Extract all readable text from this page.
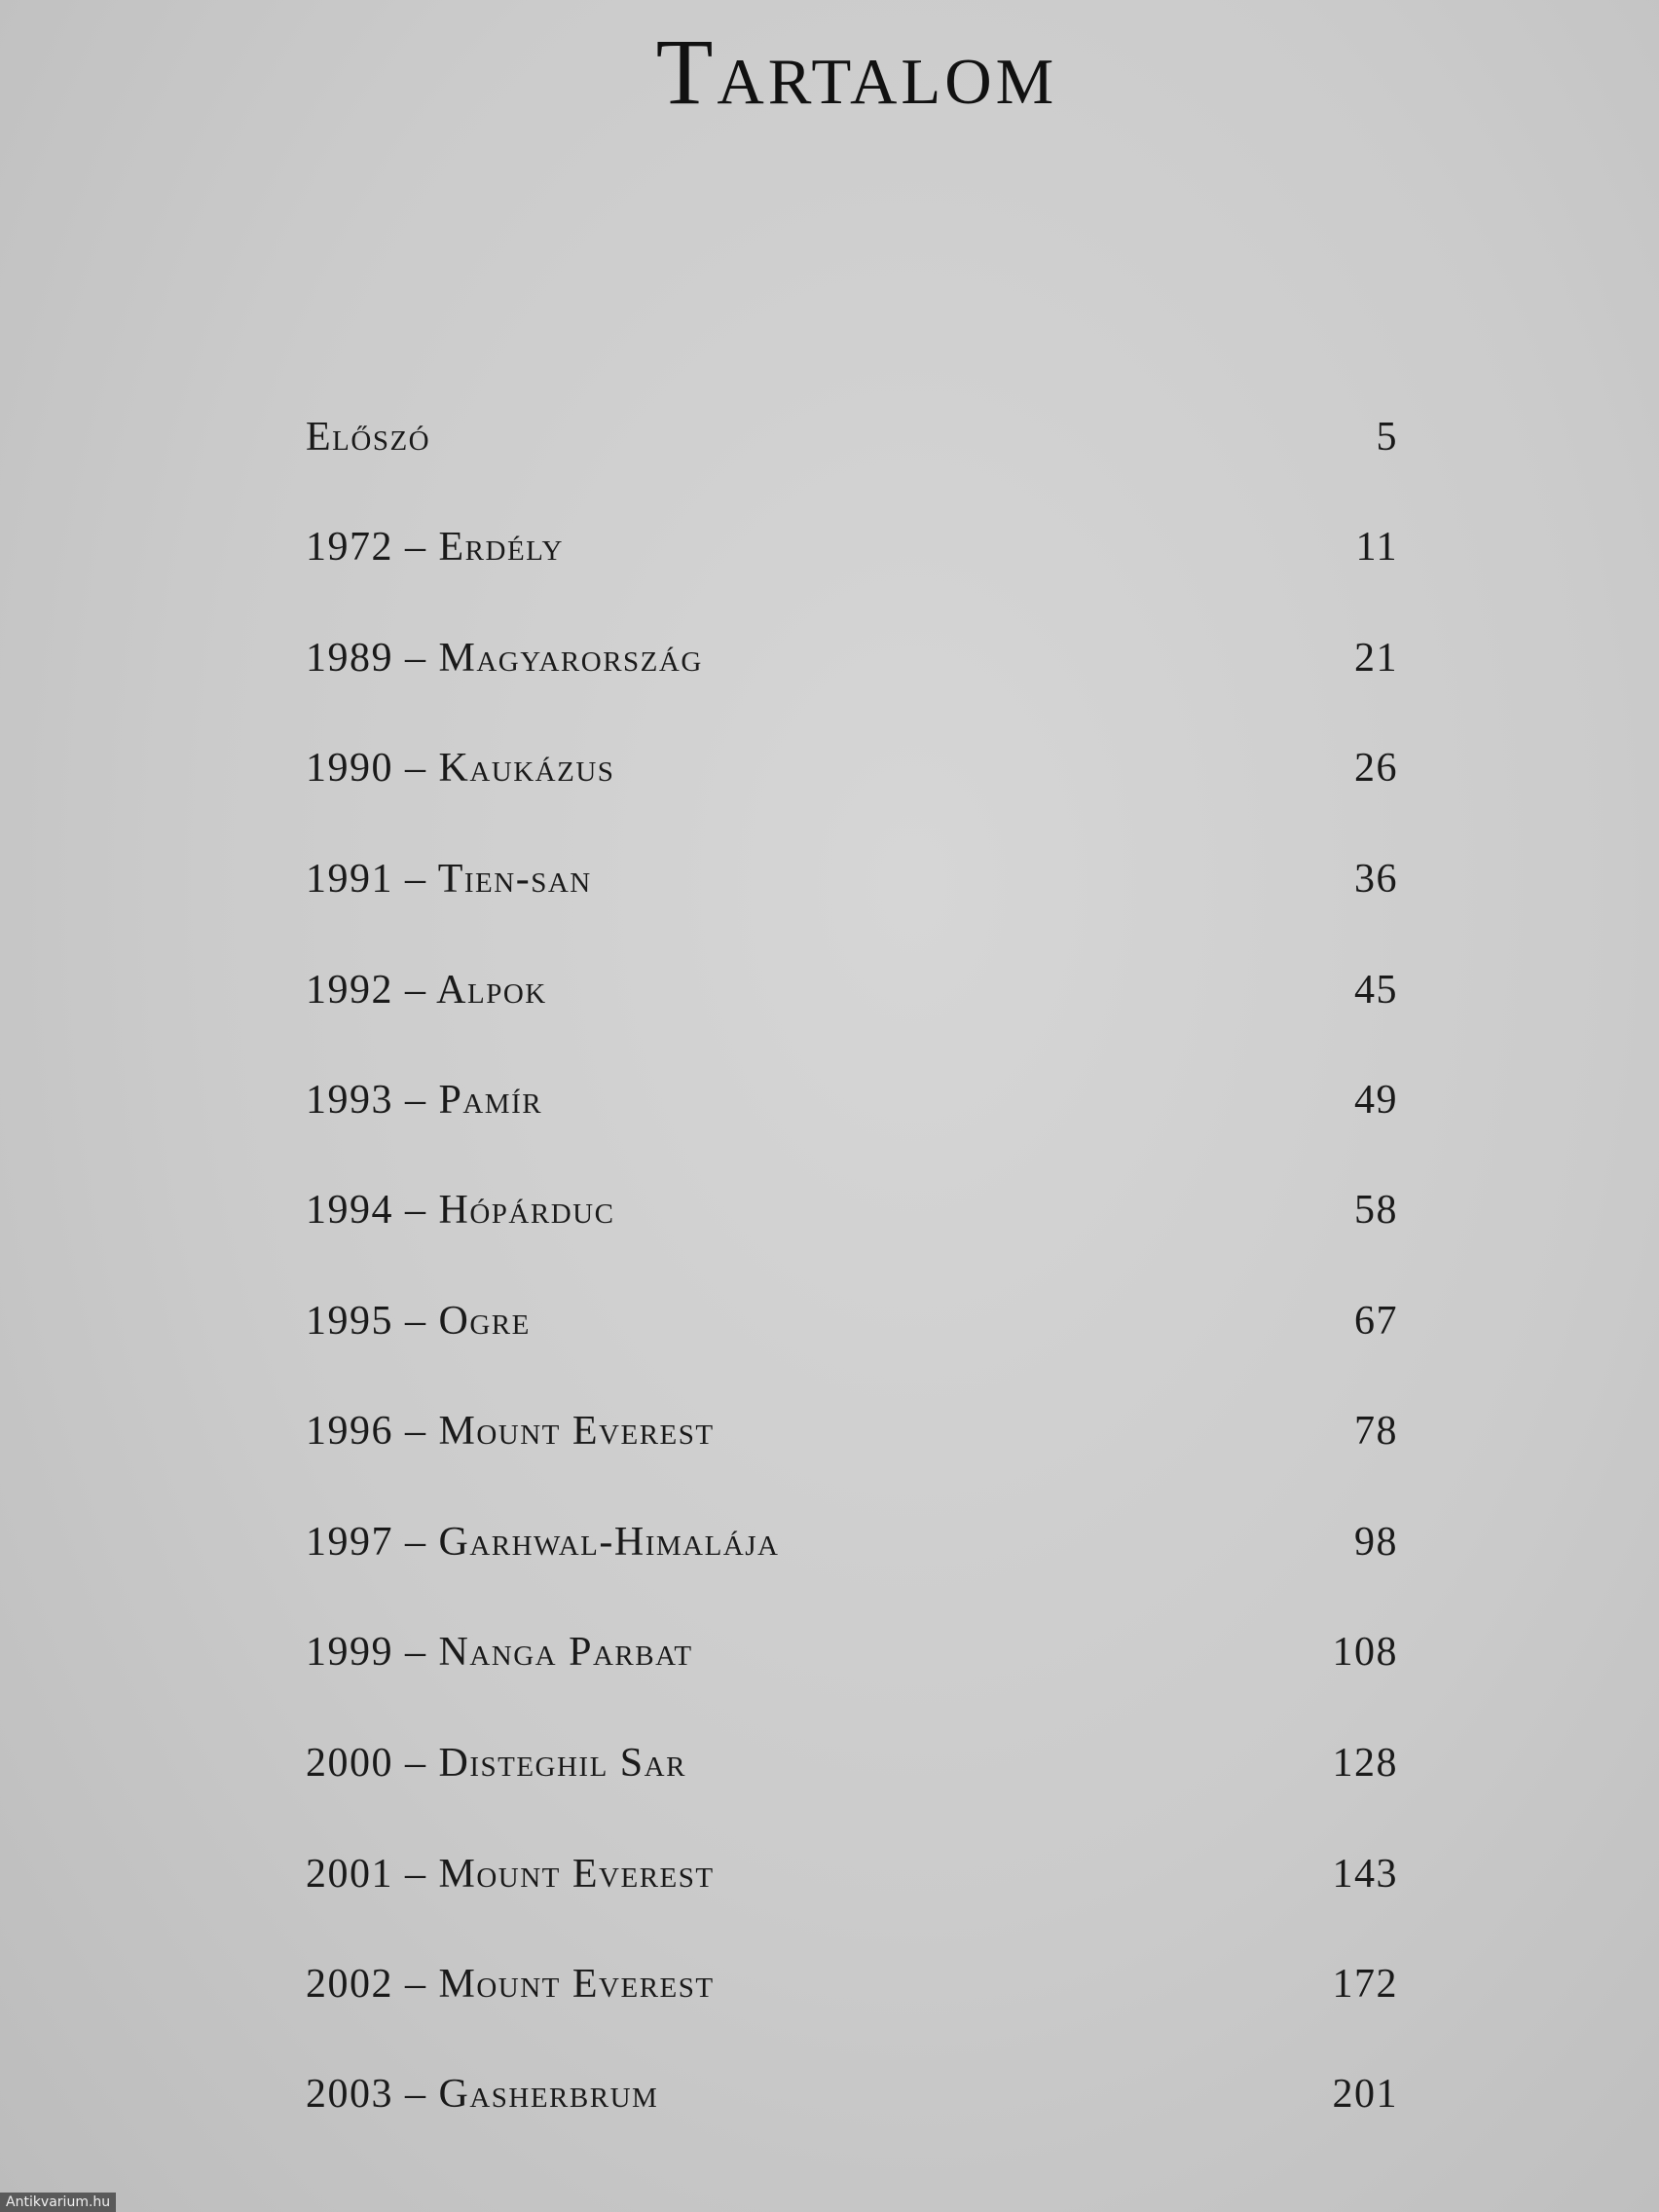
Tartalom
Előszó	5
1972 – Erdély	11
1989 – Magyarország	21
1990 – Kaukázus	26
1991 – Tien-san	36
1992 – Alpok	45
1993 – Pamír	49
1994 – Hópárduc	58
1995 – Ogre	67
1996 – Mount Everest	78
1997 – Garhwal-Himalája	98
1999 – Nanga Parbat	108
2000 – Disteghil Sar	128
2001 – Mount Everest	143
2002 – Mount Everest	172
2003 – Gasherbrum	201
Antikvarium.hu
